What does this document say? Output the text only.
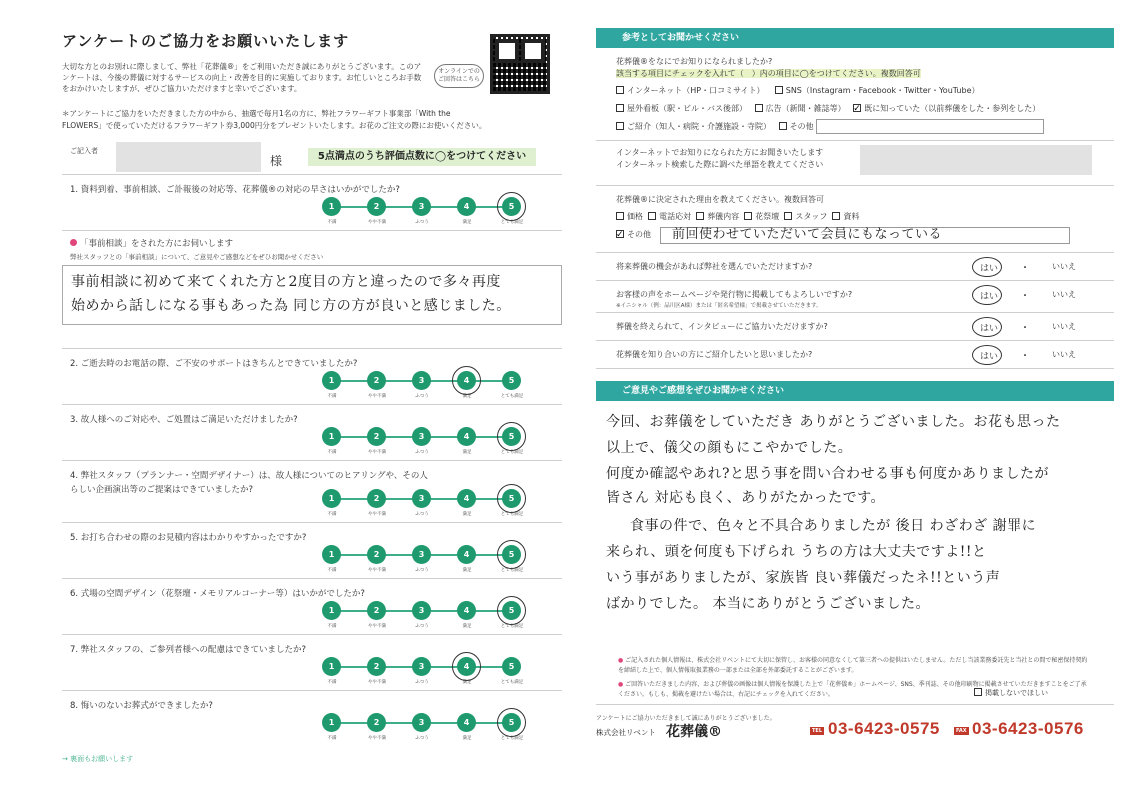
アンケートのご協力をお願いいたします
大切な方とのお別れに際しまして、弊社「花葬儀®」をご利用いただき誠にありがとうございます。このアンケートは、今後の葬儀に対するサービスの向上・改善を目的に実施しております。お忙しいところお手数をおかけいたしますが、ぜひご協力いただけますと幸いでございます。
オンラインでのご回答はこちら
＊アンケートにご協力をいただきました方の中から、抽選で毎月1名の方に、弊社フラワーギフト事業部「With the FLOWERS」で使っていただけるフラワーギフト券3,000円分をプレゼントいたします。お花のご注文の際にお使いください。
ご記入者
様	5点満点のうち評価点数に◯をつけてください
1. 資料到着、事前相談、ご訃報後の対応等、花葬儀®の対応の早さはいかがでしたか?
1
不満
2
やや不満
3
ふつう
4
満足
5
とても満足
「事前相談」をされた方にお伺いします
弊社スタッフとの「事前相談」について、ご意見やご感想などをぜひお聞かせください
事前相談に初めて来てくれた方と2度目の方と違ったので多々再度
始めから話しになる事もあった為 同じ方の方が良いと感じました。
2. ご逝去時のお電話の際、ご不安のサポートはきちんとできていましたか?
1
不満
2
やや不満
3
ふつう
4
満足
5
とても満足
3. 故人様へのご対応や、ご処置はご満足いただけましたか?
1
不満
2
やや不満
3
ふつう
4
満足
5
とても満足
4. 弊社スタッフ（プランナー・空間デザイナー）は、故人様についてのヒアリングや、その人らしい企画演出等のご提案はできていましたか?
1
不満
2
やや不満
3
ふつう
4
満足
5
とても満足
5. お打ち合わせの際のお見積内容はわかりやすかったですか?
1
不満
2
やや不満
3
ふつう
4
満足
5
とても満足
6. 式場の空間デザイン（花祭壇・メモリアルコーナー等）はいかがでしたか?
1
不満
2
やや不満
3
ふつう
4
満足
5
とても満足
7. 弊社スタッフの、ご参列者様への配慮はできていましたか?
1
不満
2
やや不満
3
ふつう
4
満足
5
とても満足
8. 悔いのないお葬式ができましたか?
1
不満
2
やや不満
3
ふつう
4
満足
5
とても満足
→ 裏面もお願いします
参考としてお聞かせください
花葬儀®をなにでお知りになられましたか?
該当する項目にチェックを入れて（　）内の項目に◯をつけてください。複数回答可
インターネット（HP・口コミサイト）	SNS（Instagram・Facebook・Twitter・YouTube）
屋外看板（駅・ビル・バス後部） 広告（新聞・雑誌等）   ✓ 既に知っていた（以前葬儀をした・参列をした）
ご紹介（知人・病院・介護施設・寺院） その他
インターネットでお知りになられた方にお聞きいたします
インターネット検索した際に調べた単語を教えてください
花葬儀®に決定された理由を教えてください。複数回答可
価格 電話応対 葬儀内容 花祭壇 スタッフ 資料
✓その他 前回使わせていただいて会員にもなっている
将来葬儀の機会があれば弊社を選んでいただけますか?	はい ・	いいえ
お客様の声をホームページや発行物に掲載してもよろしいですか?
※イニシャル（例：品川区A様）または「匿名希望様」で掲載させていただきます。
はい ・	いいえ
葬儀を終えられて、インタビューにご協力いただけますか?	はい ・	いいえ
花葬儀を知り合いの方にご紹介したいと思いましたか?	はい ・	いいえ
ご意見やご感想をぜひお聞かせください
今回、お葬儀をしていただき ありがとうございました。お花も思った
以上で、儀父の顔もにこやかでした。
何度か確認やあれ?と思う事を問い合わせる事も何度かありましたが
皆さん 対応も良く、ありがたかったです。
食事の件で、色々と不具合ありましたが 後日 わざわざ 謝罪に
来られ、頭を何度も下げられ うちの方は大丈夫ですよ!!と
いう事がありましたが、家族皆 良い葬儀だったネ!!という声
ばかりでした。 本当にありがとうございました。
● ご記入された個人情報は、株式会社リベントにて大切に保管し、お客様の同意なくして第三者への提供はいたしません。ただし当該業務委託先と当社との間で秘密保持契約を締結した上で、個人情報取扱業務の一部または全部を外部委託することがございます。
● ご回答いただきました内容、および葬儀の画像は個人情報を保護した上で「花葬儀®」ホームページ、SNS、季刊誌、その他印刷物に掲載させていただきますことをご了承ください。もしも、掲載を避けたい場合は、右記にチェックを入れてください。	掲載しないでほしい
アンケートにご協力いただきまして誠にありがとうございました。
株式会社リベント 花葬儀®	TEL 03-6423-0575	FAX 03-6423-0576
